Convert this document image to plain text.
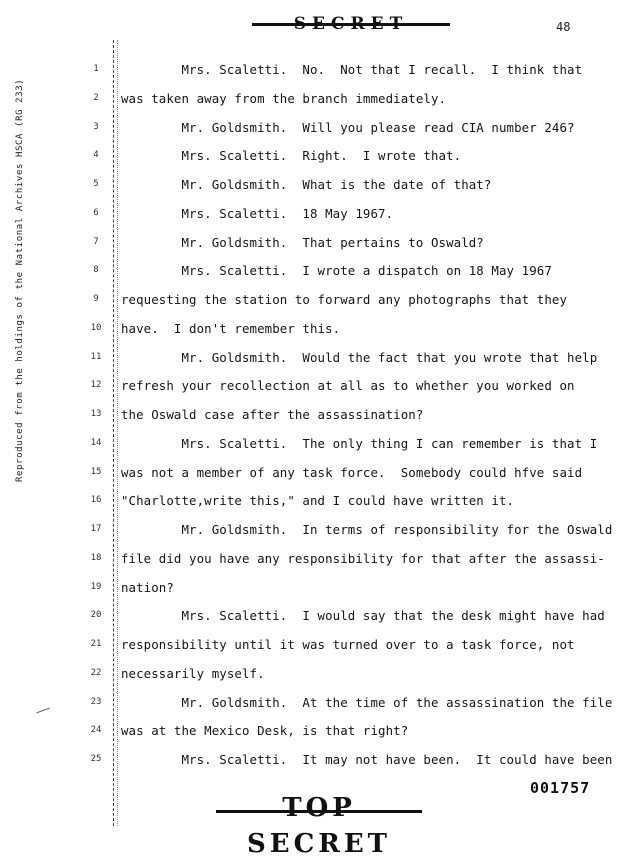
Reproduced from the holdings of the National Archives HSCA (RG 233)
SECRET	48
1	Mrs. Scaletti.  No.  Not that I recall.  I think that
2	was taken away from the branch immediately.
3	Mr. Goldsmith.  Will you please read CIA number 246?
4	Mrs. Scaletti.  Right.  I wrote that.
5	Mr. Goldsmith.  What is the date of that?
6	Mrs. Scaletti.  18 May 1967.
7	Mr. Goldsmith.  That pertains to Oswald?
8	Mrs. Scaletti.  I wrote a dispatch on 18 May 1967
9	requesting the station to forward any photographs that they
10	have.  I don't remember this.
11	Mr. Goldsmith.  Would the fact that you wrote that help
12	refresh your recollection at all as to whether you worked on
13	the Oswald case after the assassination?
14	Mrs. Scaletti.  The only thing I can remember is that I
15	was not a member of any task force.  Somebody could hfve said
16	"Charlotte,write this," and I could have written it.
17	Mr. Goldsmith.  In terms of responsibility for the Oswald
18	file did you have any responsibility for that after the assassi-
19	nation?
20	Mrs. Scaletti.  I would say that the desk might have had
21	responsibility until it was turned over to a task force, not
22	necessarily myself.
23	Mr. Goldsmith.  At the time of the assassination the file
24	was at the Mexico Desk, is that right?
25	Mrs. Scaletti.  It may not have been.  It could have been
TOP SECRET
001757
